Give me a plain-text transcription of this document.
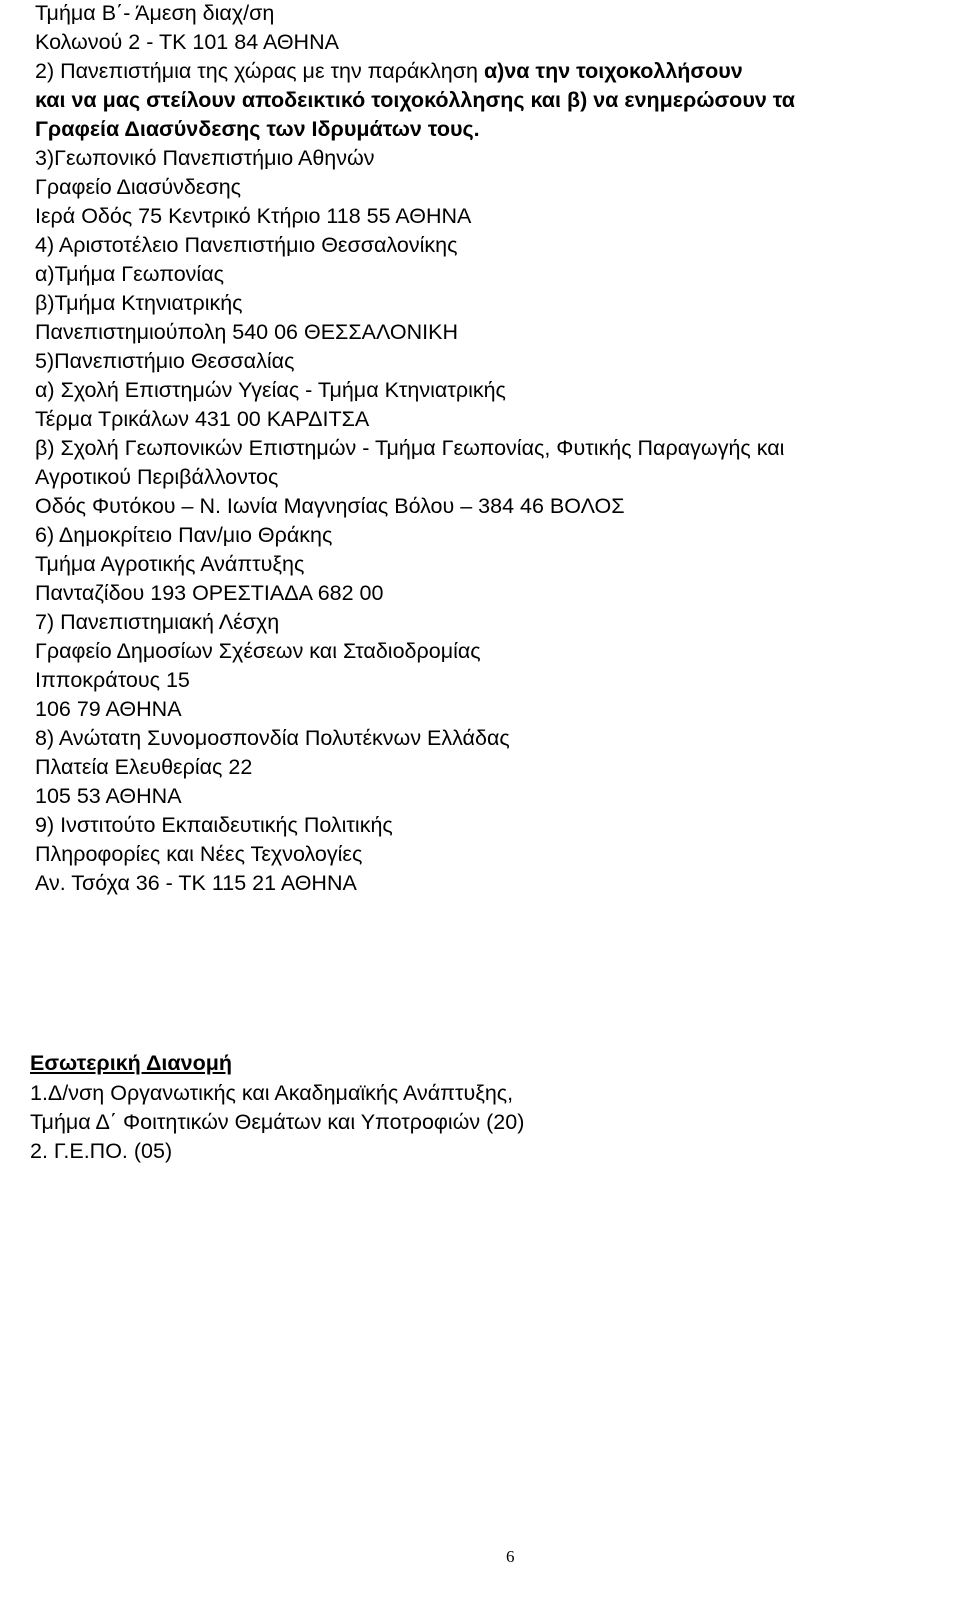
Τμήμα Β΄- Άμεση διαχ/ση
Κολωνού 2 - ΤΚ 101 84 ΑΘΗΝΑ
2) Πανεπιστήμια της χώρας με την παράκληση α)να την τοιχοκολλήσουν
και να μας στείλουν αποδεικτικό τοιχοκόλλησης και β) να ενημερώσουν τα
Γραφεία Διασύνδεσης των Ιδρυμάτων τους.
3)Γεωπονικό Πανεπιστήμιο Αθηνών
Γραφείο Διασύνδεσης
Ιερά Οδός 75 Κεντρικό Κτήριο 118 55 ΑΘΗΝΑ
4) Αριστοτέλειο Πανεπιστήμιο Θεσσαλονίκης
α)Τμήμα Γεωπονίας
β)Τμήμα Κτηνιατρικής
Πανεπιστημιούπολη 540 06 ΘΕΣΣΑΛΟΝΙΚΗ
5)Πανεπιστήμιο Θεσσαλίας
α) Σχολή Επιστημών Υγείας - Τμήμα Κτηνιατρικής
Τέρμα Τρικάλων 431 00 ΚΑΡΔΙΤΣΑ
β) Σχολή Γεωπονικών Επιστημών - Τμήμα Γεωπονίας, Φυτικής Παραγωγής και
Αγροτικού Περιβάλλοντος
Οδός Φυτόκου – Ν. Ιωνία Μαγνησίας Βόλου – 384 46 ΒΟΛΟΣ
6) Δημοκρίτειο Παν/μιο Θράκης
Τμήμα Αγροτικής Ανάπτυξης
Πανταζίδου 193 ΟΡΕΣΤΙΑΔΑ 682 00
7) Πανεπιστημιακή Λέσχη
Γραφείο Δημοσίων Σχέσεων και Σταδιοδρομίας
Ιπποκράτους 15
106 79 ΑΘΗΝΑ
8) Ανώτατη Συνομοσπονδία Πολυτέκνων Ελλάδας
Πλατεία Ελευθερίας 22
105 53 ΑΘΗΝΑ
9) Ινστιτούτο Εκπαιδευτικής Πολιτικής
Πληροφορίες και Νέες Τεχνολογίες
Αν. Τσόχα 36 - ΤΚ 115 21 ΑΘΗΝΑ
Εσωτερική Διανομή
1.Δ/νση Οργανωτικής και Ακαδημαϊκής Ανάπτυξης,
Τμήμα Δ΄ Φοιτητικών Θεμάτων και Υποτροφιών (20)
2. Γ.Ε.ΠΟ. (05)
6
